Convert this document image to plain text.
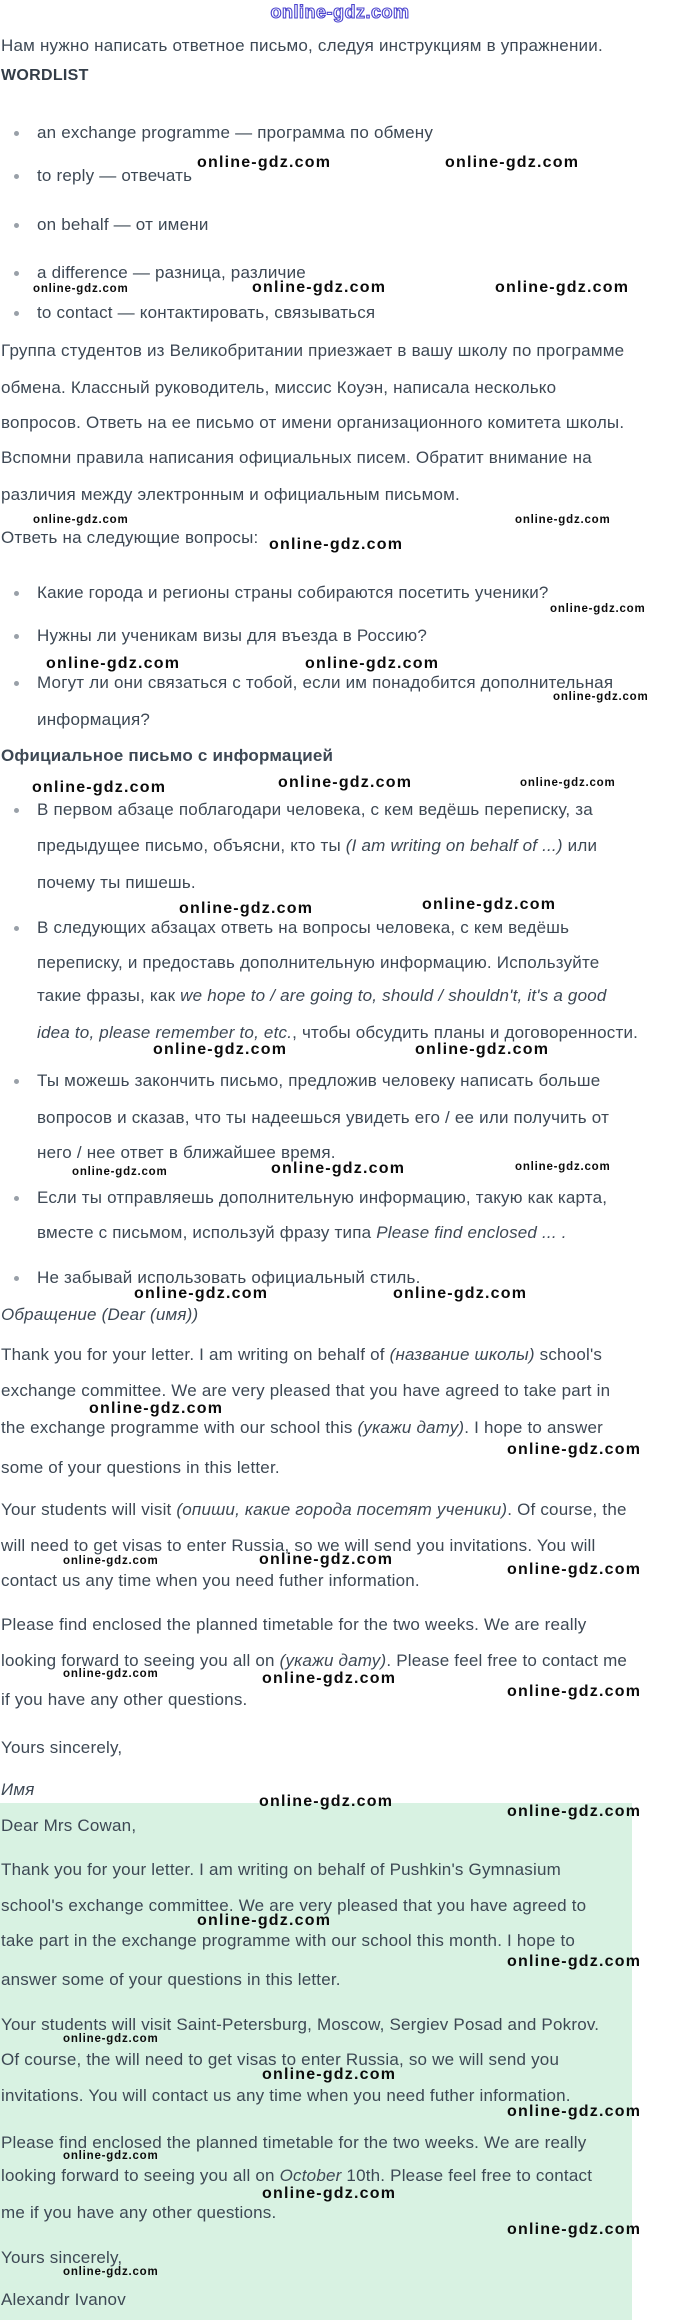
Нам нужно написать ответное письмо, следуя инструкциям в упражнении.
WORDLIST
an exchange programme — программа по обмену
to reply — отвечать
on behalf — от имени
a difference — разница, различие
to contact — контактировать, связываться
Группа студентов из Великобритании приезжает в вашу школу по программе
обмена. Классный руководитель, миссис Коуэн, написала несколько
вопросов. Ответь на ее письмо от имени организационного комитета школы.
Вспомни правила написания официальных писем. Обратит внимание на
различия между электронным и официальным письмом.
Ответь на следующие вопросы:
Какие города и регионы страны собираются посетить ученики?
Нужны ли ученикам визы для въезда в Россию?
Могут ли они связаться с тобой, если им понадобится дополнительная
информация?
Официальное письмо с информацией
В первом абзаце поблагодари человека, с кем ведёшь переписку, за
предыдущее письмо, объясни, кто ты (I am writing on behalf of ...) или
почему ты пишешь.
В следующих абзацах ответь на вопросы человека, с кем ведёшь
переписку, и предоставь дополнительную информацию. Используйте
такие фразы, как we hope to / are going to, should / shouldn't, it's a good
idea to, please remember to, etc., чтобы обсудить планы и договоренности.
Ты можешь закончить письмо, предложив человеку написать больше
вопросов и сказав, что ты надеешься увидеть его / ее или получить от
него / нее ответ в ближайшее время.
Если ты отправляешь дополнительную информацию, такую как карта,
вместе с письмом, используй фразу типа Please find enclosed ... .
Не забывай использовать официальный стиль.
Обращение (Dear (имя))
Thank you for your letter. I am writing on behalf of (название школы) school's
exchange committee. We are very pleased that you have agreed to take part in
the exchange programme with our school this (укажи дату). I hope to answer
some of your questions in this letter.
Your students will visit (опиши, какие города посетят ученики). Of course, the
will need to get visas to enter Russia, so we will send you invitations. You will
contact us any time when you need futher information.
Please find enclosed the planned timetable for the two weeks. We are really
looking forward to seeing you all on (укажи дату). Please feel free to contact me
if you have any other questions.
Yours sincerely,
Имя
Dear Mrs Cowan,
Thank you for your letter. I am writing on behalf of Pushkin's Gymnasium
school's exchange committee. We are very pleased that you have agreed to
take part in the exchange programme with our school this month. I hope to
answer some of your questions in this letter.
Your students will visit Saint-Petersburg, Moscow, Sergiev Posad and Pokrov.
Of course, the will need to get visas to enter Russia, so we will send you
invitations. You will contact us any time when you need futher information.
Please find enclosed the planned timetable for the two weeks. We are really
looking forward to seeing you all on October 10th. Please feel free to contact
me if you have any other questions.
Yours sincerely,
Alexandr Ivanov
online-gdz.com
online-gdz.com	online-gdz.com
online-gdz.com	online-gdz.com	online-gdz.com
online-gdz.com	online-gdz.com
online-gdz.com
online-gdz.com
online-gdz.com	online-gdz.com
online-gdz.com
online-gdz.com	online-gdz.com	online-gdz.com
online-gdz.com	online-gdz.com
online-gdz.com	online-gdz.com
online-gdz.com	online-gdz.com	online-gdz.com
online-gdz.com	online-gdz.com
online-gdz.com
online-gdz.com
online-gdz.com	online-gdz.com
online-gdz.com
online-gdz.com	online-gdz.com
online-gdz.com
online-gdz.com
online-gdz.com
online-gdz.com
online-gdz.com
online-gdz.com
online-gdz.com
online-gdz.com
online-gdz.com
online-gdz.com
online-gdz.com
online-gdz.com
